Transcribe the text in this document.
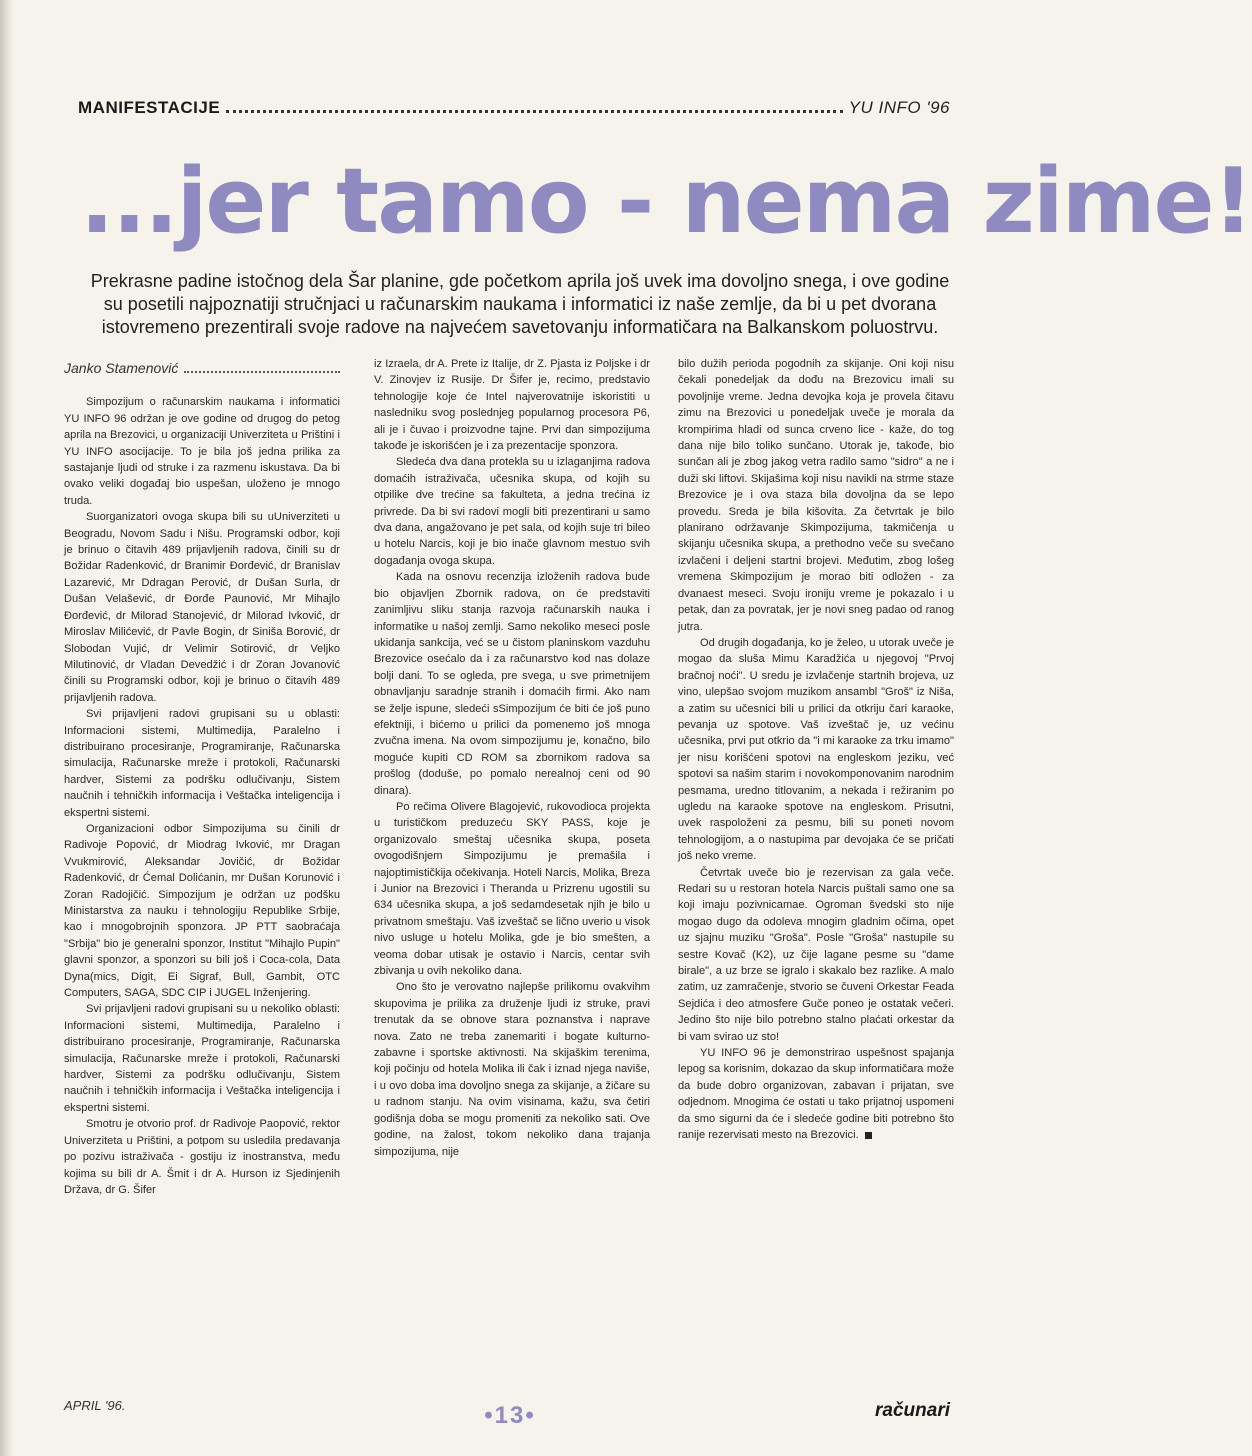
MANIFESTACIJE	YU INFO '96
...jer tamo - nema zime!
Prekrasne padine istočnog dela Šar planine, gde početkom aprila još uvek ima dovoljno snega, i ove godine su posetili najpoznatiji stručnjaci u računarskim naukama i informatici iz naše zemlje, da bi u pet dvorana istovremeno prezentirali svoje radove na najvećem savetovanju informatičara na Balkanskom poluostrvu.
Janko Stamenović

Simpozijum o računarskim naukama i informatici YU INFO 96 održan je ove godine od drugog do petog aprila na Brezovici, u organizaciji Univerziteta u Prištini i YU INFO asocijacije. To je bila još jedna prilika za sastajanje ljudi od struke i za razmenu iskustava. Da bi ovako veliki događaj bio uspešan, uloženo je mnogo truda.

Suorganizatori ovoga skupa bili su uUniverziteti u Beogradu, Novom Sadu i Nišu. Programski odbor, koji je brinuo o čitavih 489 prijavljenih radova, činili su dr Božidar Radenković, dr Branimir Đorđević, dr Branislav Lazarević, Mr Ddragan Perović, dr Dušan Surla, dr Dušan Velašević, dr Đorđe Paunović, Mr Mihajlo Đorđević, dr Milorad Stanojević, dr Milorad Ivković, dr Miroslav Milićević, dr Pavle Bogin, dr Siniša Borović, dr Slobodan Vujić, dr Velimir Sotirović, dr Veljko Milutinović, dr Vladan Devedžić i dr Zoran Jovanović činili su Programski odbor, koji je brinuo o čitavih 489 prijavljenih radova.

Svi prijavljeni radovi grupisani su u oblasti: Informacioni sistemi, Multimedija, Paralelno i distribuirano procesiranje, Programiranje, Računarska simulacija, Računarske mreže i protokoli, Računarski hardver, Sistemi za podršku odlučivanju, Sistem naučnih i tehničkih informacija i Veštačka inteligencija i ekspertni sistemi.

Organizacioni odbor Simpozijuma su činili dr Radivoje Popović, dr Miodrag Ivković, mr Dragan Vvukmirović, Aleksandar Jovičić, dr Božidar Radenković, dr Ćemal Dolićanin, mr Dušan Korunović i Zoran Radojičić. Simpozijum je održan uz podšku Ministarstva za nauku i tehnologiju Republike Srbije, kao i mnogobrojnih sponzora. JP PTT saobraćaja "Srbija" bio je generalni sponzor, Institut "Mihajlo Pupin" glavni sponzor, a sponzori su bili još i Coca-cola, Data Dyna(mics, Digit, Ei Sigraf, Bull, Gambit, OTC Computers, SAGA, SDC CIP i JUGEL Inženjering.

Svi prijavljeni radovi grupisani su u nekoliko oblasti: Informacioni sistemi, Multimedija, Paralelno i distribuirano procesiranje, Programiranje, Računarska simulacija, Računarske mreže i protokoli, Računarski hardver, Sistemi za podršku odlučivanju, Sistem naučnih i tehničkih informacija i Veštačka inteligencija i ekspertni sistemi.

Smotru je otvorio prof. dr Radivoje Paopović, rektor Univerziteta u Prištini, a potpom su usledila predavanja po pozivu istraživača - gostiju iz inostranstva, među kojima su bili dr A. Šmit i dr A. Hurson iz Sjedinjenih Država, dr G. Šifer

iz Izraela, dr A. Prete iz Italije, dr Z. Pjasta iz Poljske i dr V. Zinovjev iz Rusije. Dr Šifer je, recimo, predstavio tehnologije koje će Intel najverovatnije iskoristiti u nasledniku svog poslednjeg popularnog procesora P6, ali je i čuvao i proizvodne tajne. Prvi dan simpozijuma takođe je iskorišćen je i za prezentacije sponzora.

Sledeća dva dana protekla su u izlaganjima radova domaćih istraživača, učesnika skupa, od kojih su otpilike dve trećine sa fakulteta, a jedna trećina iz privrede. Da bi svi radovi mogli biti prezentirani u samo dva dana, angažovano je pet sala, od kojih suje tri bileo u hotelu Narcis, koji je bio inače glavnom mestuo svih događanja ovoga skupa.

Kada na osnovu recenzija izloženih radova bude bio objavljen Zbornik radova, on će predstaviti zanimljivu sliku stanja razvoja računarskih nauka i informatike u našoj zemlji. Samo nekoliko meseci posle ukidanja sankcija, već se u čistom planinskom vazduhu Brezovice osećalo da i za računarstvo kod nas dolaze bolji dani. To se ogleda, pre svega, u sve primetnijem obnavljanju saradnje stranih i domaćih firmi. Ako nam se želje ispune, sledeći sSimpozijum će biti će još puno efektniji, i bićemo u prilici da pomenemo još mnoga zvučna imena. Na ovom simpozijumu je, konačno, bilo moguće kupiti CD ROM sa zbornikom radova sa prošlog (doduše, po pomalo nerealnoj ceni od 90 dinara).

Po rečima Olivere Blagojević, rukovodioca projekta u turističkom preduzeću SKY PASS, koje je organizovalo smeštaj učesnika skupa, posetа ovogodišnjem Simpozijumu je premašila i najoptimističkija očekivanja. Hoteli Narcis, Molika, Breza i Junior na Brezovici i Theranda u Prizrenu ugostili su 634 učesnika skupa, a još sedamdesetak njih je bilo u privatnom smeštaju. Vaš izveštač se lično uverio u visok nivo usluge u hotelu Molika, gde je bio smešten, a veoma dobar utisak je ostavio i Narcis, centar svih zbivanja u ovih nekoliko dana.

Ono što je verovatno najlepše prilikomu ovakvihm skupovima je prilika za druženje ljudi iz struke, pravi trenutak da se obnove stara poznanstva i naprave nova. Zato ne treba zanemariti i bogate kulturno-zabavne i sportske aktivnosti. Na skijaškim terenima, koji počinju od hotela Molika ili čak i iznad njega naviše, i u ovo doba ima dovoljno snega za skijanje, a žičare su u radnom stanju. Na ovim visinama, kažu, sva četiri godišnja doba se mogu promeniti za nekoliko sati. Ove godine, na žalost, tokom nekoliko dana trajanja simpozijuma, nije

bilo dužih perioda pogodnih za skijanje. Oni koji nisu čekali ponedeljak da dođu na Brezovicu imali su povoljnije vreme. Jedna devojka koja je provela čitavu zimu na Brezovici u ponedeljak uveče je morala da krompirima hladi od sunca crveno lice - kaže, do tog dana nije bilo toliko sunčano. Utorak je, takođe, bio sunčan ali je zbog jakog vetra radilo samo "sidro" a ne i duži ski liftovi. Skijašima koji nisu navikli na strme staze Brezovice je i ova staza bila dovoljna da se lepo provedu. Sreda je bila kišovita. Za četvrtak je bilo planirano održavanje Skimpozijuma, takmičenja u skijanju učesnika skupa, a prethodno veče su svečano izvlačeni i deljeni startni brojevi. Međutim, zbog lošeg vremena Skimpozijum je morao biti odložen - za dvanaest meseci. Svoju ironiju vreme je pokazalo i u petak, dan za povratak, jer je novi sneg padao od ranog jutra.

Od drugih događanja, ko je želeo, u utorak uveče je mogao da sluša Mimu Karadžića u njegovoj "Prvoj bračnoj noći". U sredu je izvlačenje startnih brojeva, uz vino, ulepšao svojom muzikom ansambl "Groš" iz Niša, a zatim su učesnici bili u prilici da otkriju čari karaoke, pevanja uz spotove. Vaš izveštač je, uz većinu učesnika, prvi put otkrio da "i mi karaoke za trku imamo" jer nisu korišćeni spotovi na engleskom jeziku, već spotovi sa našim starim i novokomponovanim narodnim pesmama, uredno titlovanim, a nekada i režiranim po ugledu na karaoke spotove na engleskom. Prisutni, uvek raspoloženi za pesmu, bili su poneti novom tehnologijom, a o nastupima par devojaka će se pričati još neko vreme.

Četvrtak uveče bio je rezervisan za gala veče. Redari su u restoran hotela Narcis puštali samo one sa koji imaju pozivnicamae. Ogroman švedski sto nije mogao dugo da odoleva mnogim gladnim očima, opet uz sjajnu muziku "Groša". Posle "Groša" nastupile su sestre Kovač (K2), uz čije lagane pesme su "dame birale", a uz brze se igralo i skakalo bez razlike. A malo zatim, uz zamračenje, stvorio se čuveni Orkestar Feada Sejdića i deo atmosfere Guče poneo je ostatak večeri. Jedino što nije bilo potrebno stalno plaćati orkestar da bi vam svirao uz sto!

YU INFO 96 je demonstrirao uspešnost spajanja lepog sa korisnim, dokazao da skup informatičara može da bude dobro organizovan, zabavan i prijatan, sve odjednom. Mnogima će ostati u tako prijatnoj uspomeni da smo sigurni da će i sledeće godine biti potrebno što ranije rezervisati mesto na Brezovici.

APRIL '96.	•13•	računari
